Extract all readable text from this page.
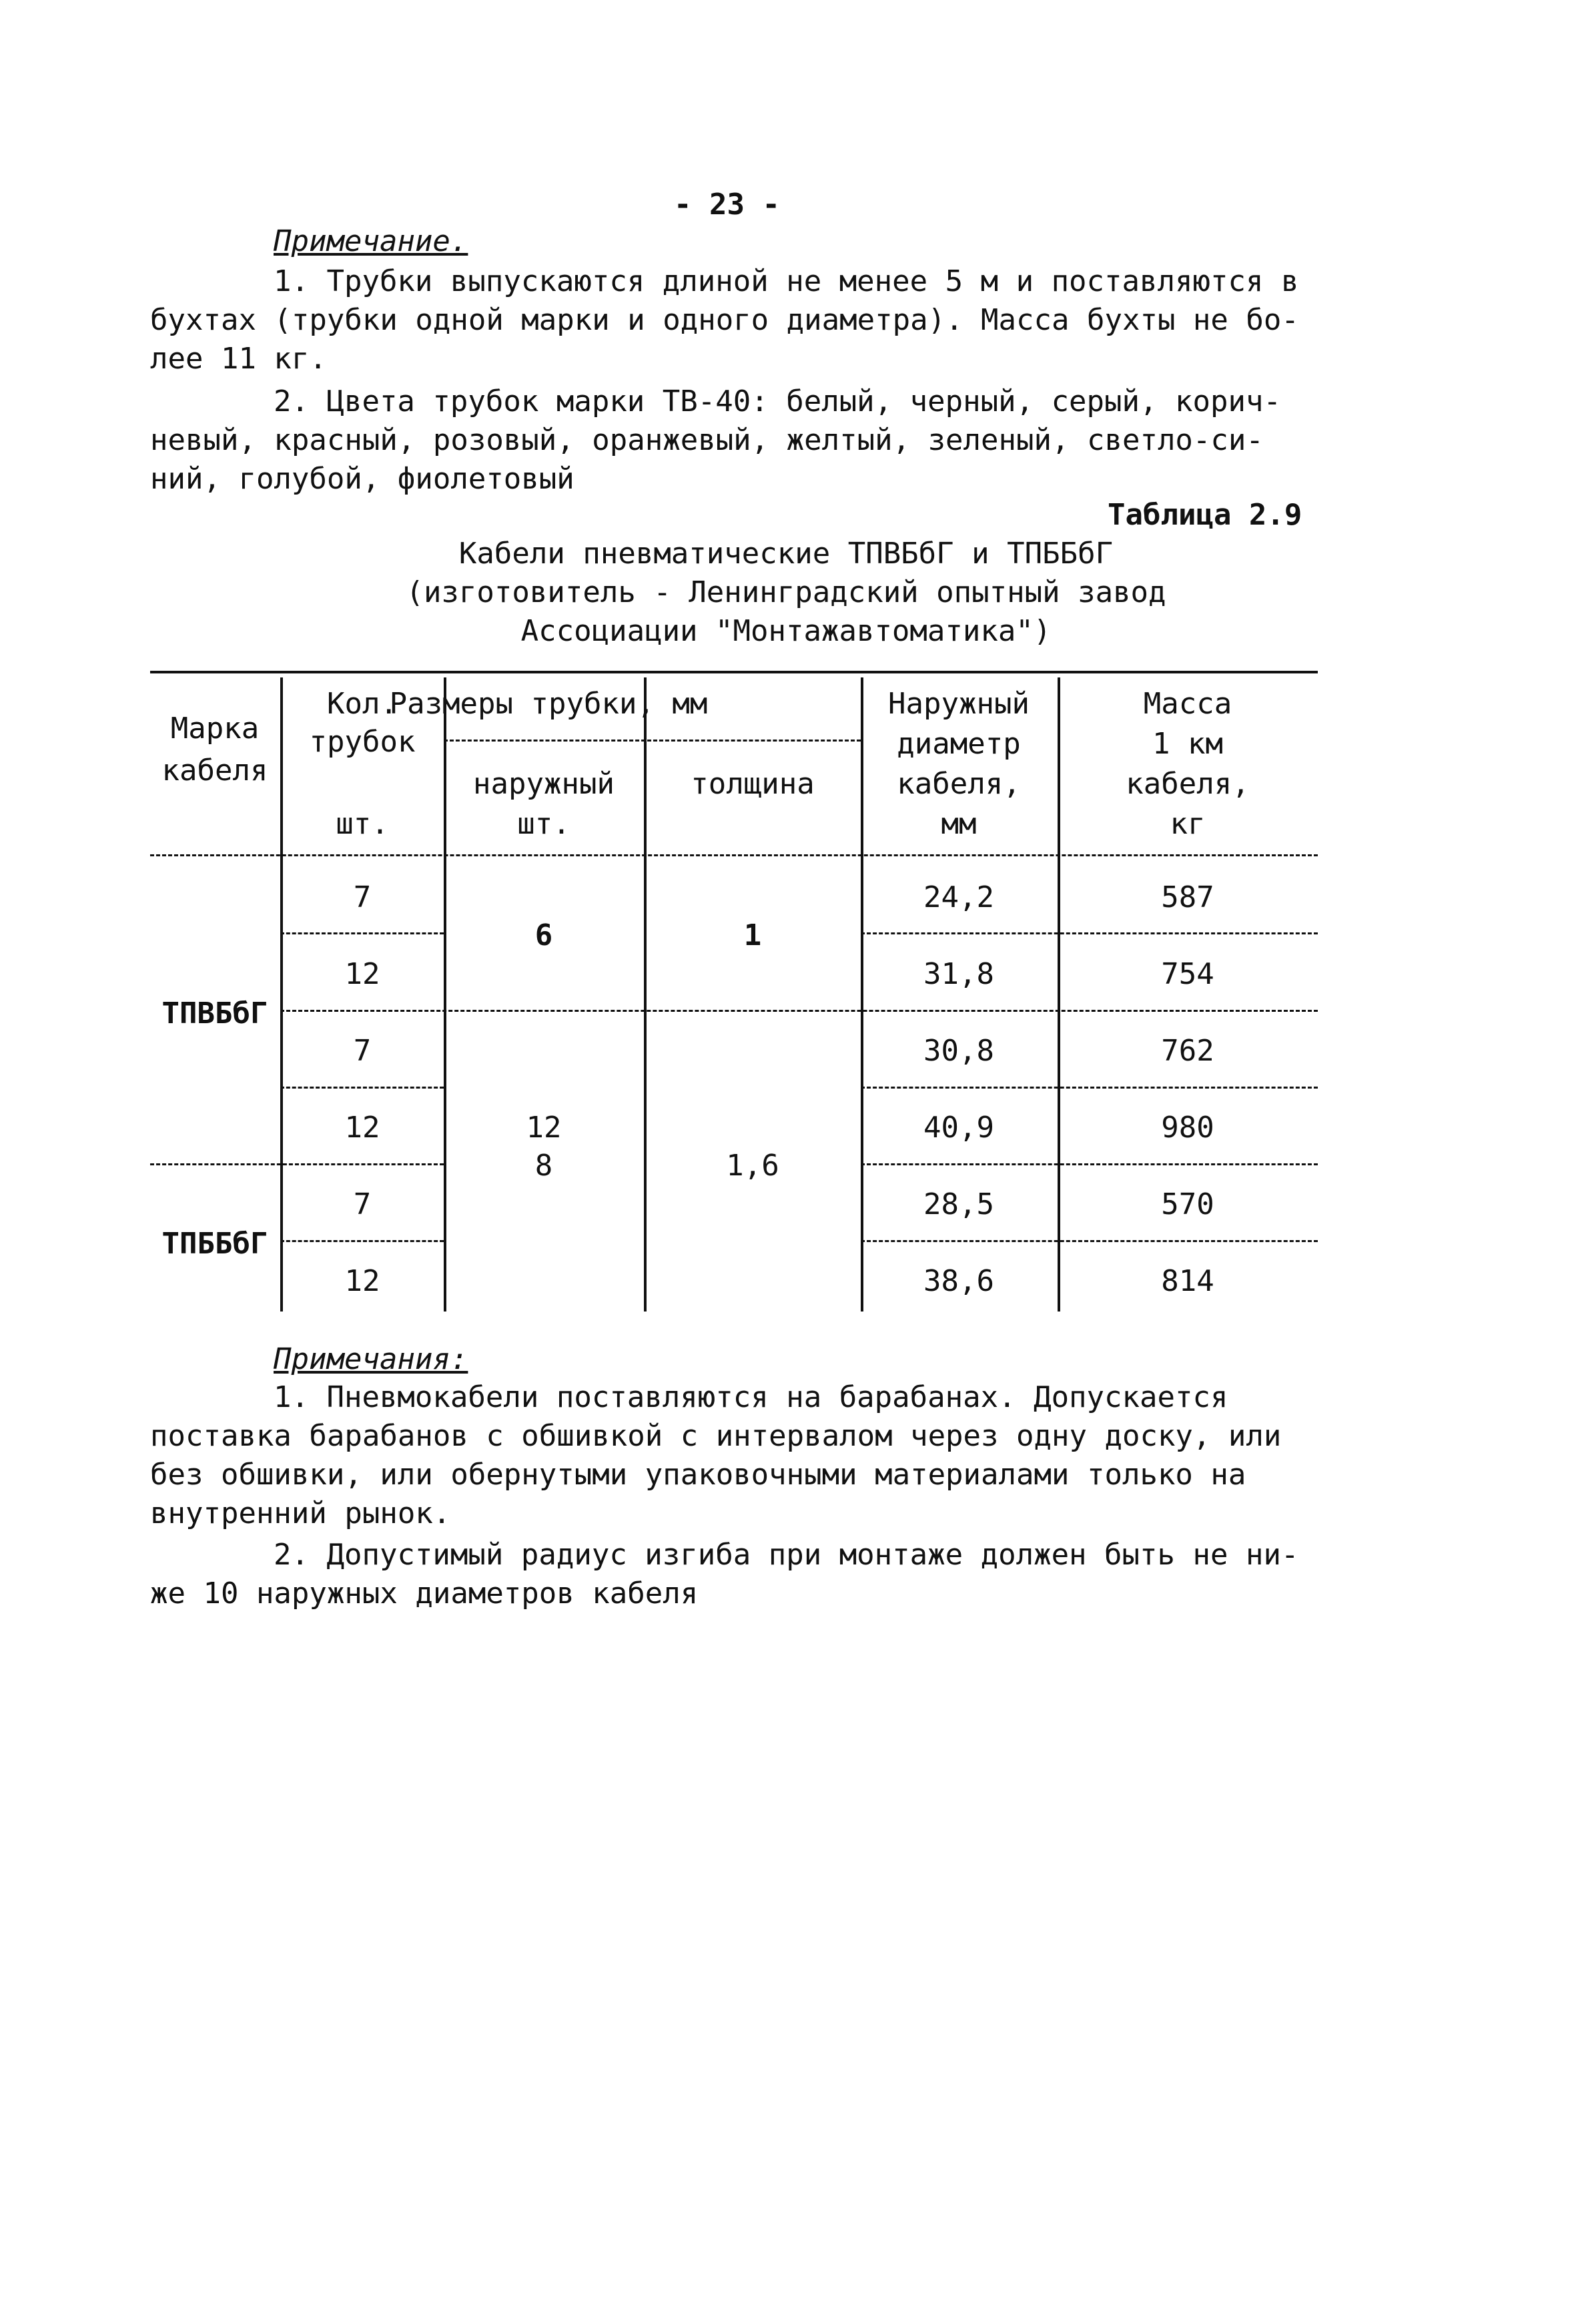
- 23 -
Примечание.
1. Трубки выпускаются длиной не менее 5 м и поставляются в
бухтах (трубки одной марки и одного диаметра). Масса бухты не бо-
лее 11 кг.
2. Цвета трубок марки ТВ-40: белый, черный, серый, корич-
невый, красный, розовый, оранжевый, желтый, зеленый, светло-си-
ний, голубой, фиолетовый
Таблица 2.9
Кабели пневматические ТПВБбГ и ТПББбГ
(изготовитель - Ленинградский опытный завод
Ассоциации "Монтажавтоматика")
Марка
кабеля
Кол.
трубок
шт.
Размеры трубки, мм
наружный
шт.
толщина
Наружный
диаметр
кабеля,
мм
Масса
1 км
кабеля,
кг
ТПВБбГ
ТПББбГ
7
12
7
12
7
12
6
12
8
1
1,6
24,2
31,8
30,8
40,9
28,5
38,6
587
754
762
980
570
814
Примечания:
1. Пневмокабели поставляются на барабанах. Допускается
поставка барабанов с обшивкой с интервалом через одну доску, или
без обшивки, или обернутыми упаковочными материалами только на
внутренний рынок.
2. Допустимый радиус изгиба при монтаже должен быть не ни-
же 10 наружных диаметров кабеля
